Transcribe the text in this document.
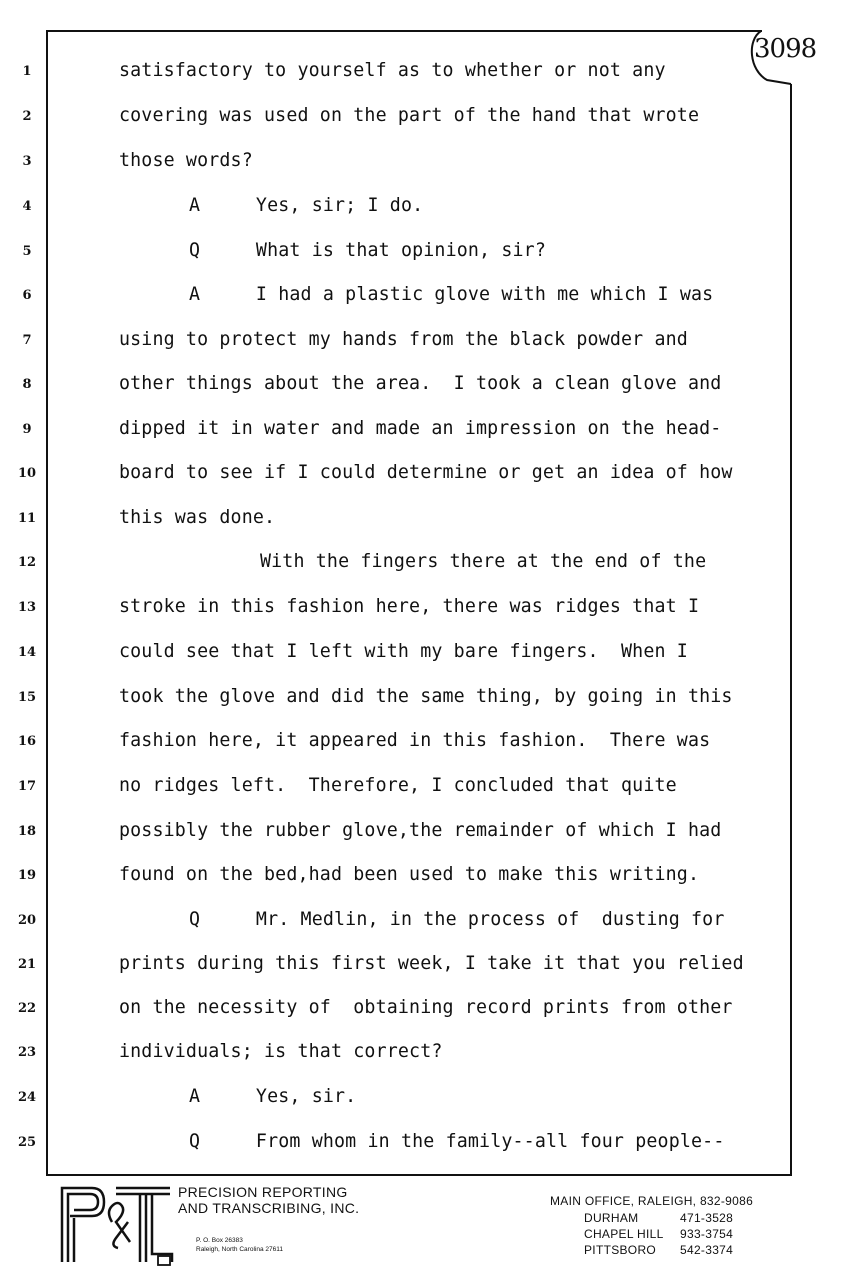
3098
1
2
3
4
5
6
7
8
9
10
11
12
13
14
15
16
17
18
19
20
21
22
23
24
25
satisfactory to yourself as to whether or not any
covering was used on the part of the hand that wrote
those words?
A     Yes, sir; I do.
Q     What is that opinion, sir?
A     I had a plastic glove with me which I was
using to protect my hands from the black powder and
other things about the area.  I took a clean glove and
dipped it in water and made an impression on the head-
board to see if I could determine or get an idea of how
this was done.
With the fingers there at the end of the
stroke in this fashion here, there was ridges that I
could see that I left with my bare fingers.  When I
took the glove and did the same thing, by going in this
fashion here, it appeared in this fashion.  There was
no ridges left.  Therefore, I concluded that quite
possibly the rubber glove,the remainder of which I had
found on the bed,had been used to make this writing.
Q     Mr. Medlin, in the process of  dusting for
prints during this first week, I take it that you relied
on the necessity of  obtaining record prints from other
individuals; is that correct?
A     Yes, sir.
Q     From whom in the family--all four people--
PRECISION REPORTING
AND TRANSCRIBING, INC.
P. O. Box 26383
Raleigh, North Carolina 27611
MAIN OFFICE, RALEIGH, 832-9086
DURHAM	471-3528
CHAPEL HILL 933-3754
PITTSBORO 542-3374
